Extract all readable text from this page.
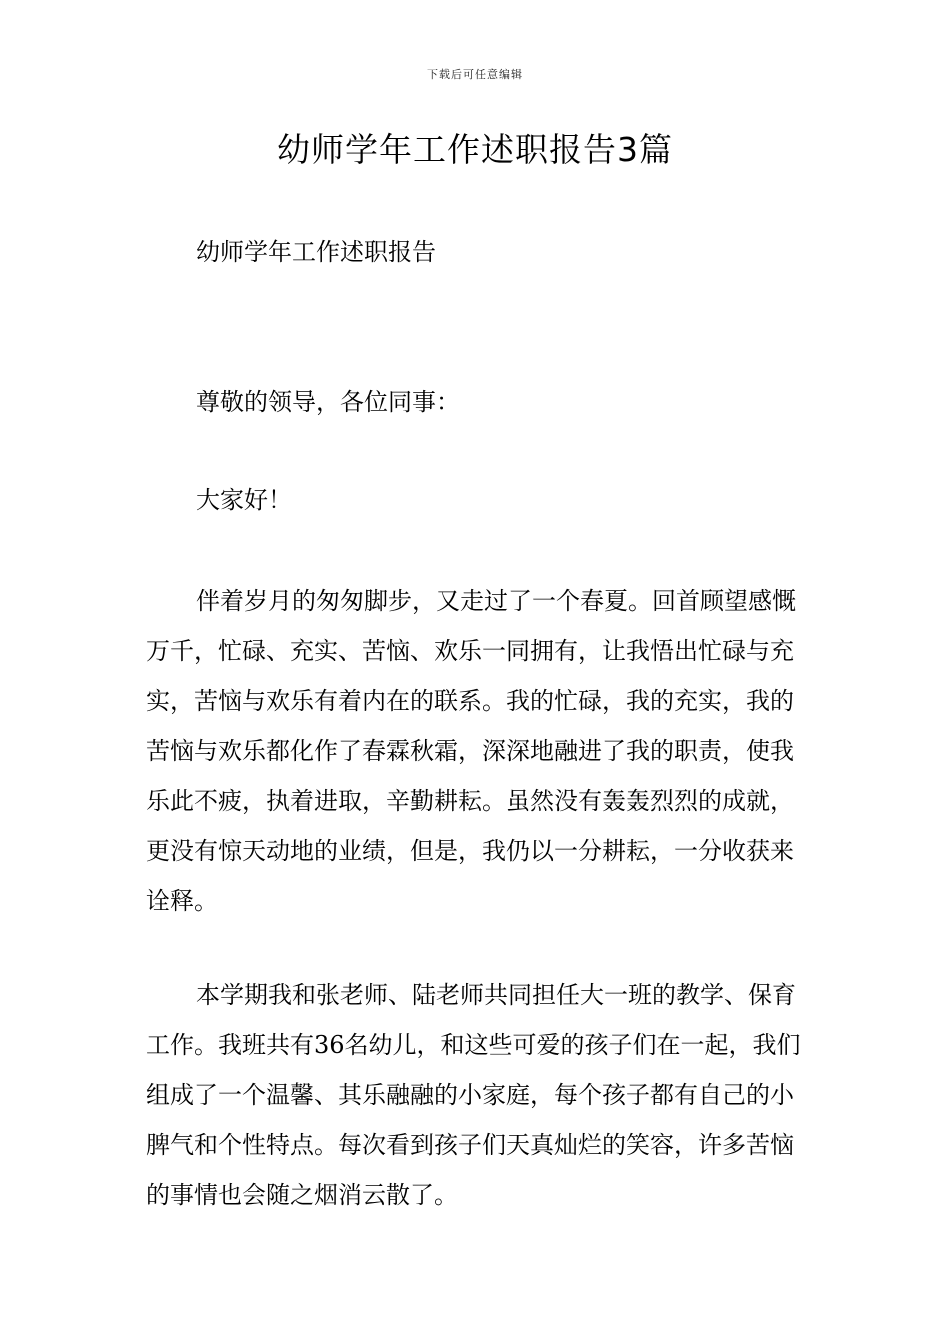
下载后可任意编辑
幼师学年工作述职报告3篇

幼师学年工作述职报告

尊敬的领导，各位同事：

大家好！

伴着岁月的匆匆脚步，又走过了一个春夏。回首顾望感慨万千，忙碌、充实、苦恼、欢乐一同拥有，让我悟出忙碌与充实，苦恼与欢乐有着内在的联系。我的忙碌，我的充实，我的苦恼与欢乐都化作了春霖秋霜，深深地融进了我的职责，使我乐此不疲，执着进取，辛勤耕耘。虽然没有轰轰烈烈的成就，更没有惊天动地的业绩，但是，我仍以一分耕耘，一分收获来诠释。

本学期我和张老师、陆老师共同担任大一班的教学、保育工作。我班共有36名幼儿，和这些可爱的孩子们在一起，我们组成了一个温馨、其乐融融的小家庭，每个孩子都有自己的小脾气和个性特点。每次看到孩子们天真灿烂的笑容，许多苦恼的事情也会随之烟消云散了。
